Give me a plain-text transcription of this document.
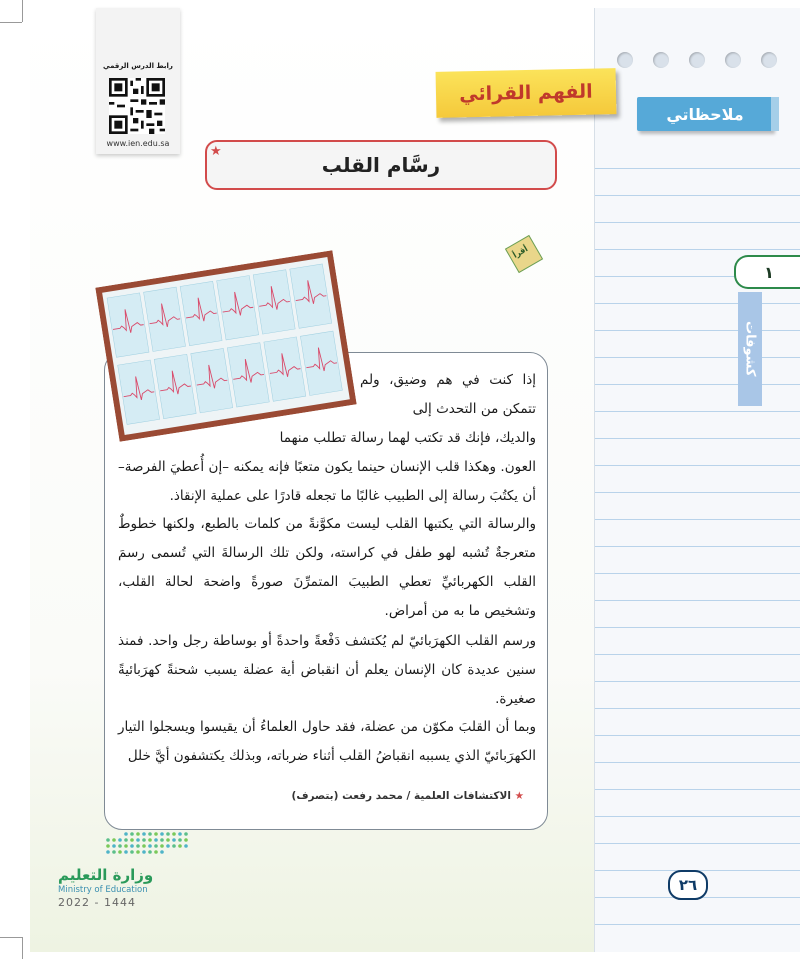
ملاحظاتي
١
كشوفات
٢٦
رابط الدرس الرقمي
www.ien.edu.sa
الفهم القرائي
رسَّام القلب
★
أقرأ
إذا كنت في هم وضيق، ولم تتمكن من التحدث إلى
والديك، فإنك قد تكتب لهما رسالة تطلب منهما
العون. وهكذا قلب الإنسان حينما يكون متعبًا فإنه يمكنه –إن أُعطيَ الفرصة– أن يكتُبَ رسالة إلى الطبيب غالبًا ما تجعله قادرًا على عملية الإنقاذ.
والرسالة التي يكتبها القلب ليست مكوَّنةً من كلمات بالطبع، ولكنها خطوطٌ متعرجةٌ تُشبه لهو طفل في كراسته، ولكن تلك الرسالةَ التي تُسمى رسمَ القلب الكهربائيِّ تعطي الطبيبَ المتمرِّنَ صورةً واضحة لحالة القلب، وتشخيص ما به من أمراض.
ورسم القلب الكهرَبائيّ لم يُكتشف دَفْعةً واحدةً أو بوساطة رجل واحد. فمنذ سنين عديدة كان الإنسان يعلم أن انقباض أية عضلة يسبب شحنةً كهرَبائيةً صغيرة.
وبما أن القلبَ مكوّن من عضلة، فقد حاول العلماءُ أن يقيسوا ويسجلوا التيار الكهرَبائيّ الذي يسببه انقباضُ القلب أثناء ضرباته، وبذلك يكتشفون أيَّ خلل
★ الاكتشافات العلمية / محمد رفعت (بتصرف)
وزارة التعليم
Ministry of Education
2022 - 1444
